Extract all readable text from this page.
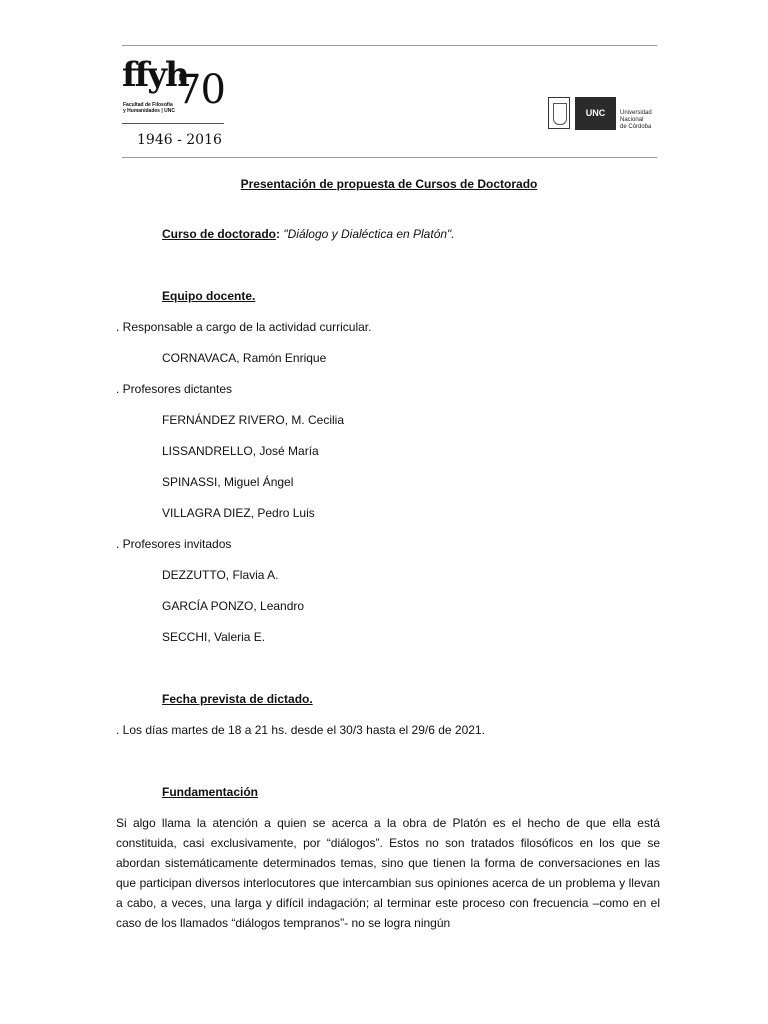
ffyh
70
Facultad de Filosofía
y Humanidades | UNC
1946 - 2016
UNC	Universidad
Nacional
de Córdoba
Presentación de propuesta de Cursos de Doctorado
Curso de doctorado: "Diálogo y Dialéctica en Platón".
Equipo docente.
. Responsable a cargo de la actividad curricular.
CORNAVACA, Ramón Enrique
. Profesores dictantes
FERNÁNDEZ RIVERO, M. Cecilia
LISSANDRELLO, José María
SPINASSI, Miguel Ángel
VILLAGRA DIEZ, Pedro Luis
. Profesores invitados
DEZZUTTO, Flavia A.
GARCÍA PONZO, Leandro
SECCHI, Valeria E.
Fecha prevista de dictado.
. Los días martes de 18 a 21 hs. desde el 30/3 hasta el 29/6 de 2021.
Fundamentación
Si algo llama la atención a quien se acerca a la obra de Platón es el hecho de que ella está constituida, casi exclusivamente, por “diálogos”. Estos no son tratados filosóficos en los que se abordan sistemáticamente determinados temas, sino que tienen la forma de conversaciones en las que participan diversos interlocutores que intercambian sus opiniones acerca de un problema y llevan a cabo, a veces, una larga y difícil indagación; al terminar este proceso con frecuencia –como en el caso de los llamados “diálogos tempranos”- no se logra ningún
